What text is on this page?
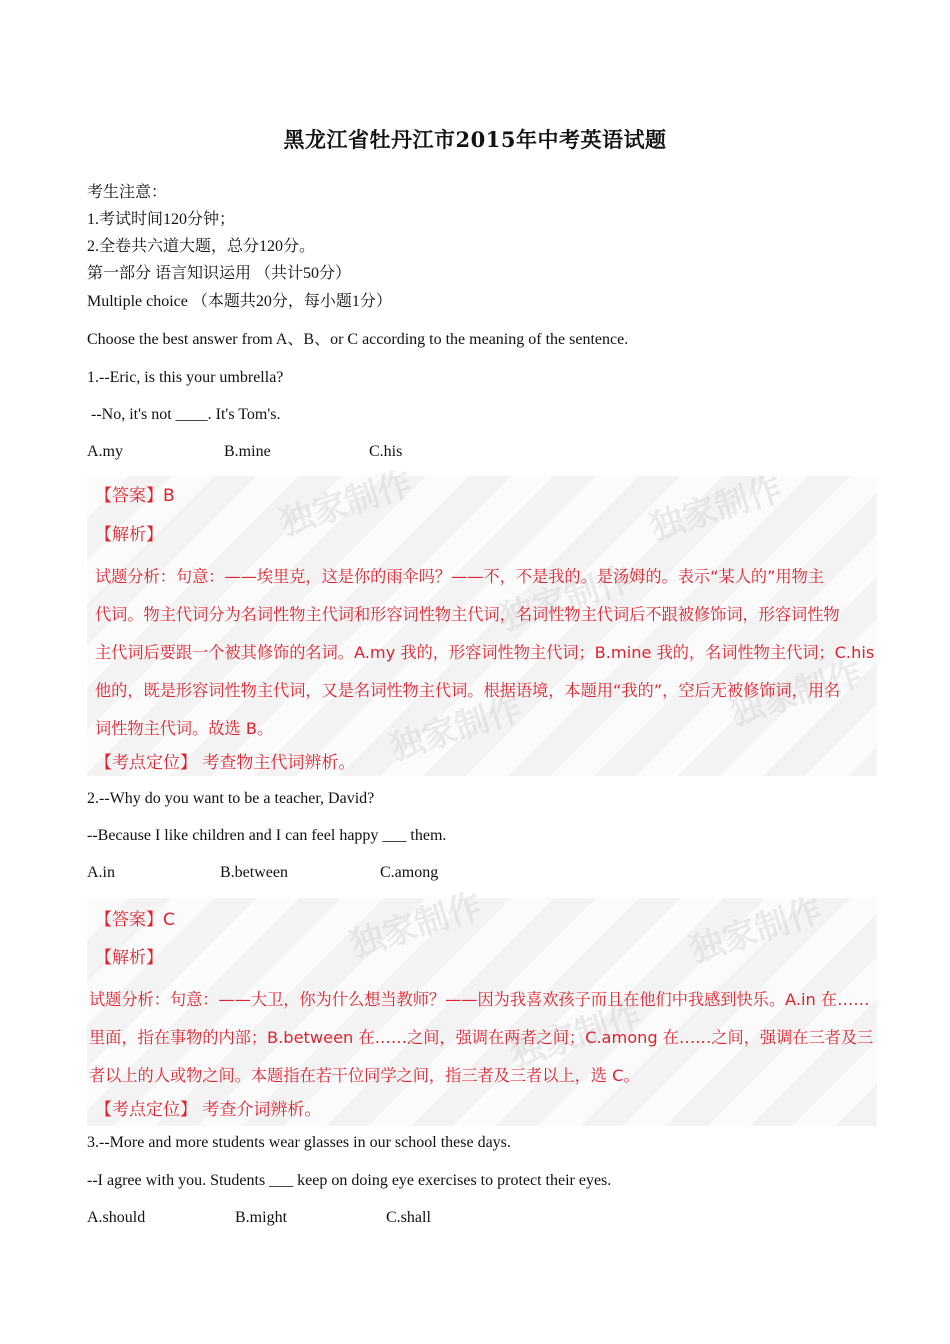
黑龙江省牡丹江市2015年中考英语试题
考生注意：
1.考试时间120分钟；
2.全卷共六道大题，总分120分。
第一部分 语言知识运用 （共计50分）
Multiple choice （本题共20分，每小题1分）
Choose the best answer from A、B、or C according to the meaning of the sentence.
1.--Eric, is this your umbrella?
--No, it's not ____. It's Tom's.
A.my	B.mine	C.his
独家制作	独家制作
独家制作
独家制作	独家制作
【答案】B
【解析】
试题分析：句意：——埃里克，这是你的雨伞吗？——不，不是我的。是汤姆的。表示“某人的”用物主
代词。物主代词分为名词性物主代词和形容词性物主代词，名词性物主代词后不跟被修饰词，形容词性物
主代词后要跟一个被其修饰的名词。A.my 我的，形容词性物主代词；B.mine 我的，名词性物主代词；C.his
他的，既是形容词性物主代词，又是名词性物主代词。根据语境，本题用“我的”，空后无被修饰词，用名
词性物主代词。故选 B。
【考点定位】 考查物主代词辨析。
2.--Why do you want to be a teacher, David?
--Because I like children and I can feel happy ___ them.
A.in	B.between	C.among
独家制作	独家制作
独家制作
【答案】C
【解析】
试题分析：句意：——大卫，你为什么想当教师？——因为我喜欢孩子而且在他们中我感到快乐。A.in 在……
里面，指在事物的内部；B.between 在……之间，强调在两者之间；C.among 在……之间，强调在三者及三
者以上的人或物之间。本题指在若干位同学之间，指三者及三者以上，选 C。
【考点定位】 考查介词辨析。
3.--More and more students wear glasses in our school these days.
--I agree with you. Students ___ keep on doing eye exercises to protect their eyes.
A.should	B.might	C.shall
